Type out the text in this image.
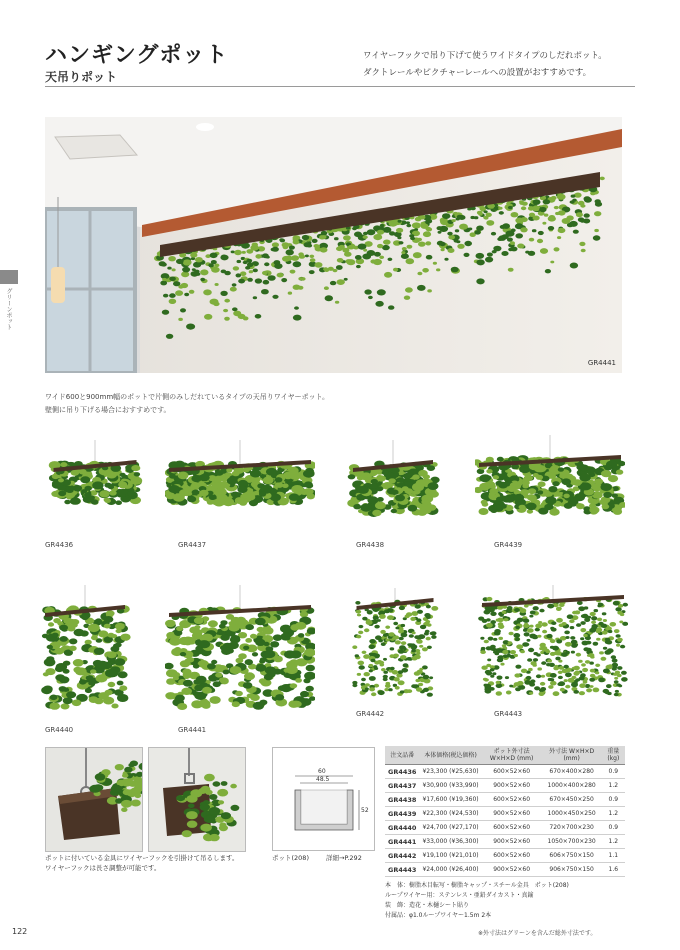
ハンギングポット
天吊りポット
ワイヤーフックで吊り下げて使うワイドタイプのしだれポット。
ダクトレールやピクチャーレールへの設置がおすすめです。
グリーンポット
GR4441
ワイド600と900mm幅のポットで片側のみしだれているタイプの天吊りワイヤーポット。
壁側に吊り下げる場合におすすめです。
GR4436	GR4437	GR4438	GR4439
GR4440	GR4441
GR4442	GR4443
ポットに付いている金具にワイヤーフックを引掛けて吊るします。
ワイヤーフックは長さ調整が可能です。
60
48.5
52
ポット(208)	詳細→P.292
注文品番	本体価格(税込価格)	ポット外寸法 W×H×D (mm)	外寸法 W×H×D (mm)	重量 (kg)
GR4436	¥23,300 (¥25,630)	600×52×60	670×400×280	0.9
GR4437	¥30,900 (¥33,990)	900×52×60	1000×400×280	1.2
GR4438	¥17,600 (¥19,360)	600×52×60	670×450×250	0.9
GR4439	¥22,300 (¥24,530)	900×52×60	1000×450×250	1.2
GR4440	¥24,700 (¥27,170)	600×52×60	720×700×230	0.9
GR4441	¥33,000 (¥36,300)	900×52×60	1050×700×230	1.2
GR4442	¥19,100 (¥21,010)	600×52×60	606×750×150	1.1
GR4443	¥24,000 (¥26,400)	900×52×60	906×750×150	1.6
本　体：樹脂木目転写・樹脂キャップ・スチール金具　ポット(208)
ループワイヤー用：ステンレス・亜鉛ダイカスト・真鍮
装　飾：造花・木樋シート貼り
付属品：φ1.0ループワイヤー1.5m 2本
122	※外寸法はグリーンを含んだ総外寸法です。
